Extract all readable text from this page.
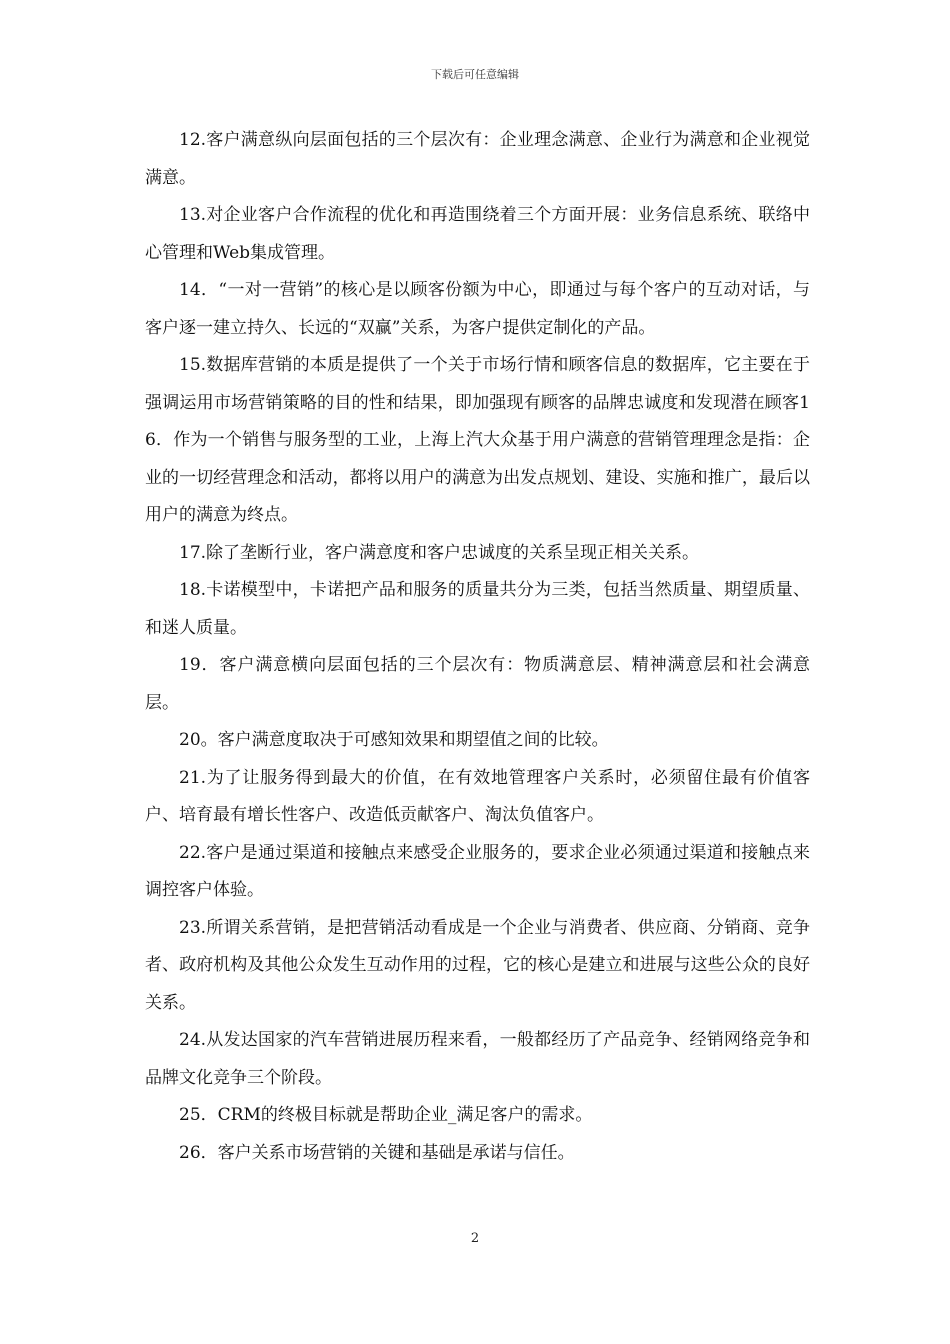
下载后可任意编辑

12.客户满意纵向层面包括的三个层次有：企业理念满意、企业行为满意和企业视觉满意。

13.对企业客户合作流程的优化和再造围绕着三个方面开展：业务信息系统、联络中心管理和Web集成管理。

14．“一对一营销”的核心是以顾客份额为中心，即通过与每个客户的互动对话，与客户逐一建立持久、长远的“双赢”关系，为客户提供定制化的产品。

15.数据库营销的本质是提供了一个关于市场行情和顾客信息的数据库，它主要在于强调运用市场营销策略的目的性和结果，即加强现有顾客的品牌忠诚度和发现潜在顾客16．作为一个销售与服务型的工业，上海上汽大众基于用户满意的营销管理理念是指：企业的一切经营理念和活动，都将以用户的满意为出发点规划、建设、实施和推广，最后以用户的满意为终点。

17.除了垄断行业，客户满意度和客户忠诚度的关系呈现正相关关系。

18.卡诺模型中，卡诺把产品和服务的质量共分为三类，包括当然质量、期望质量、和迷人质量。

19．客户满意横向层面包括的三个层次有：物质满意层、精神满意层和社会满意层。

20。客户满意度取决于可感知效果和期望值之间的比较。

21.为了让服务得到最大的价值，在有效地管理客户关系时，必须留住最有价值客户、培育最有增长性客户、改造低贡献客户、淘汰负值客户。

22.客户是通过渠道和接触点来感受企业服务的，要求企业必须通过渠道和接触点来调控客户体验。

23.所谓关系营销，是把营销活动看成是一个企业与消费者、供应商、分销商、竞争者、政府机构及其他公众发生互动作用的过程，它的核心是建立和进展与这些公众的良好关系。

24.从发达国家的汽车营销进展历程来看，一般都经历了产品竞争、经销网络竞争和品牌文化竞争三个阶段。

25．CRM的终极目标就是帮助企业_满足客户的需求。

26．客户关系市场营销的关键和基础是承诺与信任。

2
